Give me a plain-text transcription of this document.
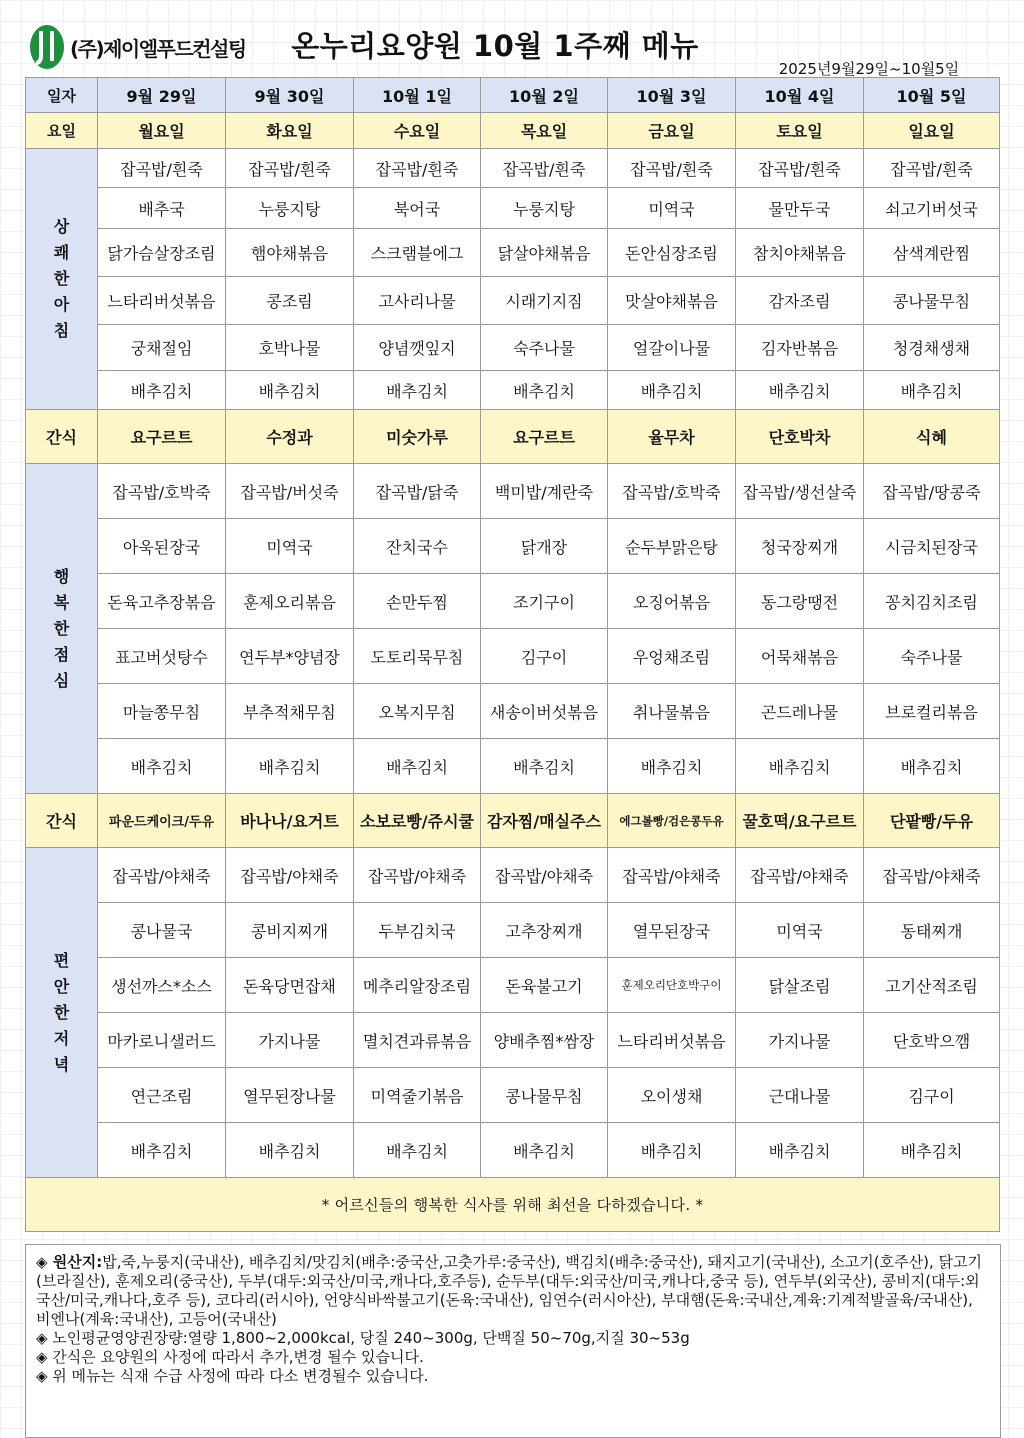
(주)제이엘푸드컨설팅	온누리요양원 10월 1주째 메뉴
2025년9월29일~10월5일
일자	9월 29일	9월 30일	10월 1일	10월 2일	10월 3일	10월 4일	10월 5일
요일	월요일	화요일	수요일	목요일	금요일	토요일	일요일

상
쾌
한
아
침	잡곡밥/흰죽	잡곡밥/흰죽	잡곡밥/흰죽	잡곡밥/흰죽	잡곡밥/흰죽	잡곡밥/흰죽	잡곡밥/흰죽
	배추국	누룽지탕	북어국	누룽지탕	미역국	물만두국	쇠고기버섯국
	닭가슴살장조림	햄야채볶음	스크램블에그	닭살야채볶음	돈안심장조림	참치야채볶음	삼색계란찜
	느타리버섯볶음	콩조림	고사리나물	시래기지짐	맛살야채볶음	감자조림	콩나물무침
	궁채절임	호박나물	양념깻잎지	숙주나물	얼갈이나물	김자반볶음	청경채생채
	배추김치	배추김치	배추김치	배추김치	배추김치	배추김치	배추김치
간식	요구르트	수정과	미숫가루	요구르트	율무차	단호박차	식혜

행
복
한
점
심	잡곡밥/호박죽	잡곡밥/버섯죽	잡곡밥/닭죽	백미밥/계란죽	잡곡밥/호박죽	잡곡밥/생선살죽	잡곡밥/땅콩죽
	아욱된장국	미역국	잔치국수	닭개장	순두부맑은탕	청국장찌개	시금치된장국
	돈육고추장볶음	훈제오리볶음	손만두찜	조기구이	오징어볶음	동그랑땡전	꽁치김치조림
	표고버섯탕수	연두부*양념장	도토리묵무침	김구이	우엉채조림	어묵채볶음	숙주나물
	마늘쫑무침	부추적채무침	오복지무침	새송이버섯볶음	취나물볶음	곤드레나물	브로컬리볶음
	배추김치	배추김치	배추김치	배추김치	배추김치	배추김치	배추김치
간식	파운드케이크/두유	바나나/요거트	소보로빵/쥬시쿨	감자찜/매실주스	에그볼빵/검은콩두유	꿀호떡/요구르트	단팥빵/두유

편
안
한
저
녁	잡곡밥/야채죽	잡곡밥/야채죽	잡곡밥/야채죽	잡곡밥/야채죽	잡곡밥/야채죽	잡곡밥/야채죽	잡곡밥/야채죽
	콩나물국	콩비지찌개	두부김치국	고추장찌개	열무된장국	미역국	동태찌개
	생선까스*소스	돈육당면잡채	메추리알장조림	돈육불고기	훈제오리단호박구이	닭살조림	고기산적조림
	마카로니샐러드	가지나물	멸치견과류볶음	양배추찜*쌈장	느타리버섯볶음	가지나물	단호박으깸
	연근조림	열무된장나물	미역줄기볶음	콩나물무침	오이생채	근대나물	김구이
	배추김치	배추김치	배추김치	배추김치	배추김치	배추김치	배추김치
* 어르신들의 행복한 식사를 위해 최선을 다하겠습니다. *							

◈ 원산지:밥,죽,누룽지(국내산), 배추김치/맛김치(배추:중국산,고춧가루:중국산), 백김치(배추:중국산), 돼지고기(국내산), 소고기(호주산), 닭고기(브라질산), 훈제오리(중국산), 두부(대두:외국산/미국,캐나다,호주등), 순두부(대두:외국산/미국,캐나다,중국 등), 연두부(외국산), 콩비지(대두:외국산/미국,캐나다,호주 등), 코다리(러시아), 언양식바싹불고기(돈육:국내산), 임연수(러시아산), 부대햄(돈육:국내산,계육:기계적발골육/국내산), 비엔나(계육:국내산), 고등어(국내산)

◈ 노인평균영양권장량:열량 1,800~2,000kcal, 당질 240~300g, 단백질 50~70g,지질 30~53g

◈ 간식은 요양원의 사정에 따라서 추가,변경 될수 있습니다.

◈ 위 메뉴는 식재 수급 사정에 따라 다소 변경될수 있습니다.
